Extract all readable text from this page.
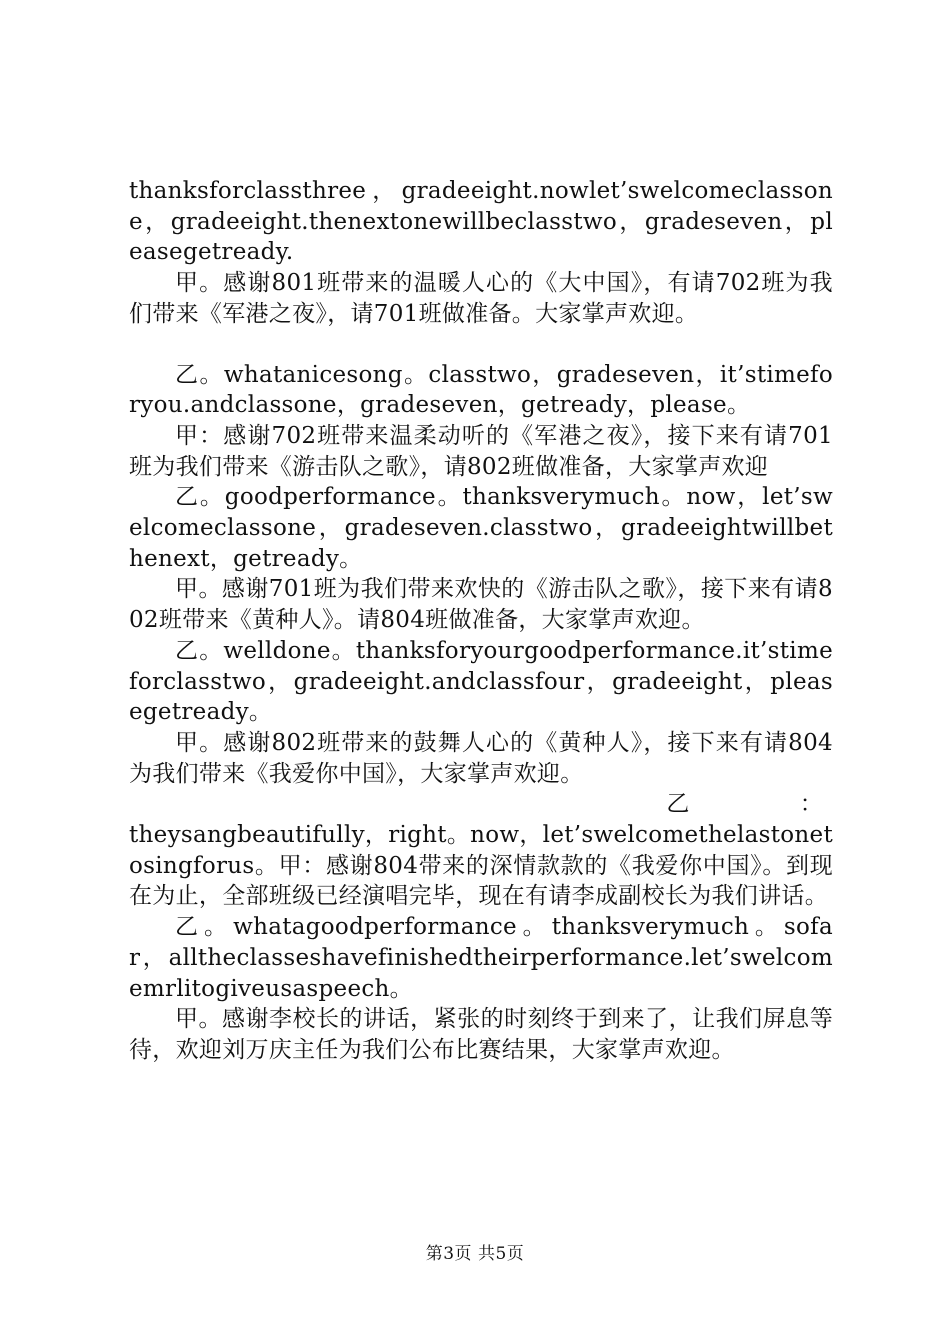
thanksforclassthree，gradeeight.nowlet’swelcomeclassone，gradeeight.thenextonewillbeclasstwo，gradeseven，pleasegetready.

甲。感谢801班带来的温暖人心的《大中国》，有请702班为我们带来《军港之夜》，请701班做准备。大家掌声欢迎。

乙。whatanicesong。classtwo，gradeseven，it’stimeforyou.andclassone，gradeseven，getready，please。

甲：感谢702班带来温柔动听的《军港之夜》，接下来有请701班为我们带来《游击队之歌》，请802班做准备，大家掌声欢迎

乙。goodperformance。thanksverymuch。now，let’swelcomeclassone，gradeseven.classtwo，gradeeightwillbethenext，getready。

甲。感谢701班为我们带来欢快的《游击队之歌》，接下来有请802班带来《黄种人》。请804班做准备，大家掌声欢迎。

乙。welldone。thanksforyourgoodperformance.it’stimeforclasstwo，gradeeight.andclassfour，gradeeight，pleasegetready。

甲。感谢802班带来的鼓舞人心的《黄种人》，接下来有请804为我们带来《我爱你中国》，大家掌声欢迎。

乙	：

theysangbeautifully，right。now，let’swelcomethelastonetosingforus。甲：感谢804带来的深情款款的《我爱你中国》。到现在为止，全部班级已经演唱完毕，现在有请李成副校长为我们讲话。

乙。whatagoodperformance。thanksverymuch。sofar，alltheclasseshavefinishedtheirperformance.let’swelcomemrlitogiveusaspeech。

甲。感谢李校长的讲话，紧张的时刻终于到来了，让我们屏息等待，欢迎刘万庆主任为我们公布比赛结果，大家掌声欢迎。

第3页 共5页
